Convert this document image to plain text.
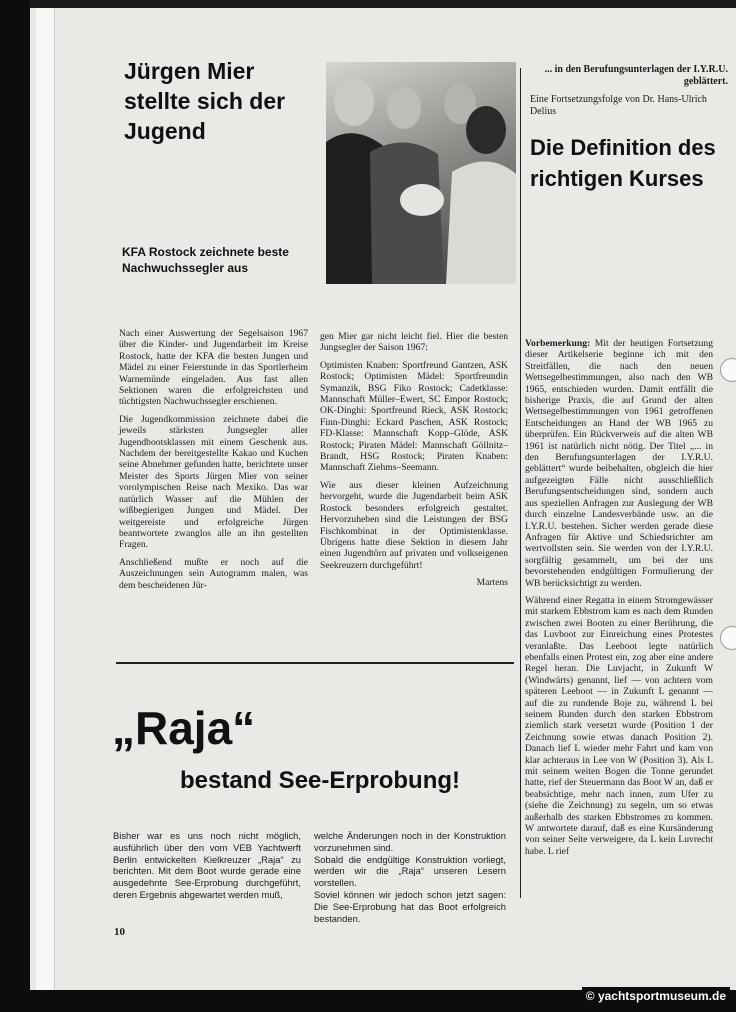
Jürgen Mier stellte sich der Jugend
KFA Rostock zeichnete beste Nachwuchssegler aus

Nach einer Auswertung der Segelsaison 1967 über die Kinder- und Jugendarbeit im Kreise Rostock, hatte der KFA die besten Jungen und Mädel zu einer Feierstunde in das Sportlerheim Warnemünde eingeladen. Aus fast allen Sektionen waren die erfolgreichsten und tüchtigsten Nachwuchssegler erschienen.

Die Jugendkommission zeichnete dabei die jeweils stärksten Jungsegler aller Jugendbootsklassen mit einem Geschenk aus. Nachdem der bereitgestellte Kakao und Kuchen seine Abnehmer gefunden hatte, berichtete unser Meister des Sports Jürgen Mier von seiner vorolympischen Reise nach Mexiko. Das war natürlich Wasser auf die Mühlen der wißbegierigen Jungen und Mädel. Der weitgereiste und erfolgreiche Jürgen beantwortete zwanglos alle an ihn gestellten Fragen.

Anschließend mußte er noch auf die Auszeichnungen sein Autogramm malen, was dem bescheidenen Jür-

gen Mier gar nicht leicht fiel. Hier die besten Jungsegler der Saison 1967:

Optimisten Knaben: Sportfreund Gantzen, ASK Rostock; Optimisten Mädel: Sportfreundin Symanzik, BSG Fiko Rostock; Cadetklasse: Mannschaft Müller–Ewert, SC Empor Rostock; OK-Dinghi: Sportfreund Rieck, ASK Rostock; Finn-Dinghi: Eckard Paschen, ASK Rostock; FD-Klasse: Mannschaft Kopp–Glöde, ASK Rostock; Piraten Mädel: Mannschaft Göllnitz–Brandt, HSG Rostock; Piraten Knaben: Mannschaft Ziehms–Seemann.

Wie aus dieser kleinen Aufzeichnung hervorgeht, wurde die Jugendarbeit beim ASK Rostock besonders erfolgreich gestaltet. Hervorzuheben sind die Leistungen der BSG Fischkombinat in der Optimistenklasse. Übrigens hatte diese Sektion in diesem Jahr einen Jugendtörn auf privaten und volkseigenen Seekreuzern durchgeführt!

Martens

... in den Berufungsunterlagen der I.Y.R.U. geblättert.
Eine Fortsetzungsfolge von Dr. Hans-Ulrich Delius
Die Definition des richtigen Kurses

Vorbemerkung: Mit der heutigen Fortsetzung dieser Artikelserie beginne ich mit den Streitfällen, die nach den neuen Wettsegelbestimmungen, also nach den WB 1965, entschieden wurden. Damit entfällt die bisherige Praxis, die auf Grund der alten Wettsegelbestimmungen von 1961 getroffenen Entscheidungen an Hand der WB 1965 zu überprüfen. Ein Rückverweis auf die alten WB 1961 ist natürlich nicht nötig. Der Titel „... in den Berufungsunterlagen der I.Y.R.U. geblättert“ wurde beibehalten, obgleich die hier aufgezeigten Fälle nicht ausschließlich Berufungsentscheidungen sind, sondern auch aus speziellen Anfragen zur Auslegung der WB durch einzelne Landesverbände usw. an die I.Y.R.U. bestehen. Sicher werden gerade diese Anfragen für Aktive und Schiedsrichter am wertvollsten sein. Sie werden von der I.Y.R.U. sorgfältig gesammelt, um bei der uns bevorstehenden endgültigen Formulierung der WB berücksichtigt zu werden.

Während einer Regatta in einem Stromgewässer mit starkem Ebbstrom kam es nach dem Runden zwischen zwei Booten zu einer Berührung, die das Luvboot zur Einreichung eines Protestes veranlaßte. Das Leeboot legte natürlich ebenfalls einen Protest ein, zog aber eine andere Regel heran. Die Luvjacht, in Zukunft W (Windwärts) genannt, lief — von achtern vom späteren Leeboot — in Zukunft L genannt — auf die zu rundende Boje zu, während L bei seinem Runden durch den starken Ebbstrom ziemlich stark versetzt wurde (Position 1 der Zeichnung sowie etwas danach Position 2). Danach lief L wieder mehr Fahrt und kam von klar achteraus in Lee von W (Position 3). Als L mit seinem weiten Bogen die Tonne gerundet hatte, rief der Steuermann das Boot W an, daß er beabsichtige, mehr nach innen, zum Ufer zu (siehe die Zeichnung) zu segeln, um so etwas außerhalb des starken Ebbstromes zu kommen. W antwortete darauf, daß es eine Kursänderung von seiner Seite verweigere, da L kein Luvrecht habe. L rief

„Raja“
bestand See-Erprobung!
Bisher war es uns noch nicht möglich, ausführlich über den vom VEB Yachtwerft Berlin entwickelten Kielkreuzer „Raja“ zu berichten. Mit dem Boot wurde gerade eine ausgedehnte See-Erprobung durchgeführt, deren Ergebnis abgewartet werden muß,
welche Änderungen noch in der Konstruktion vorzunehmen sind.
Sobald die endgültige Konstruktion vorliegt, werden wir die „Raja“ unseren Lesern vorstellen.
Soviel können wir jedoch schon jetzt sagen: Die See-Erprobung hat das Boot erfolgreich bestanden.
10
© yachtsportmuseum.de
